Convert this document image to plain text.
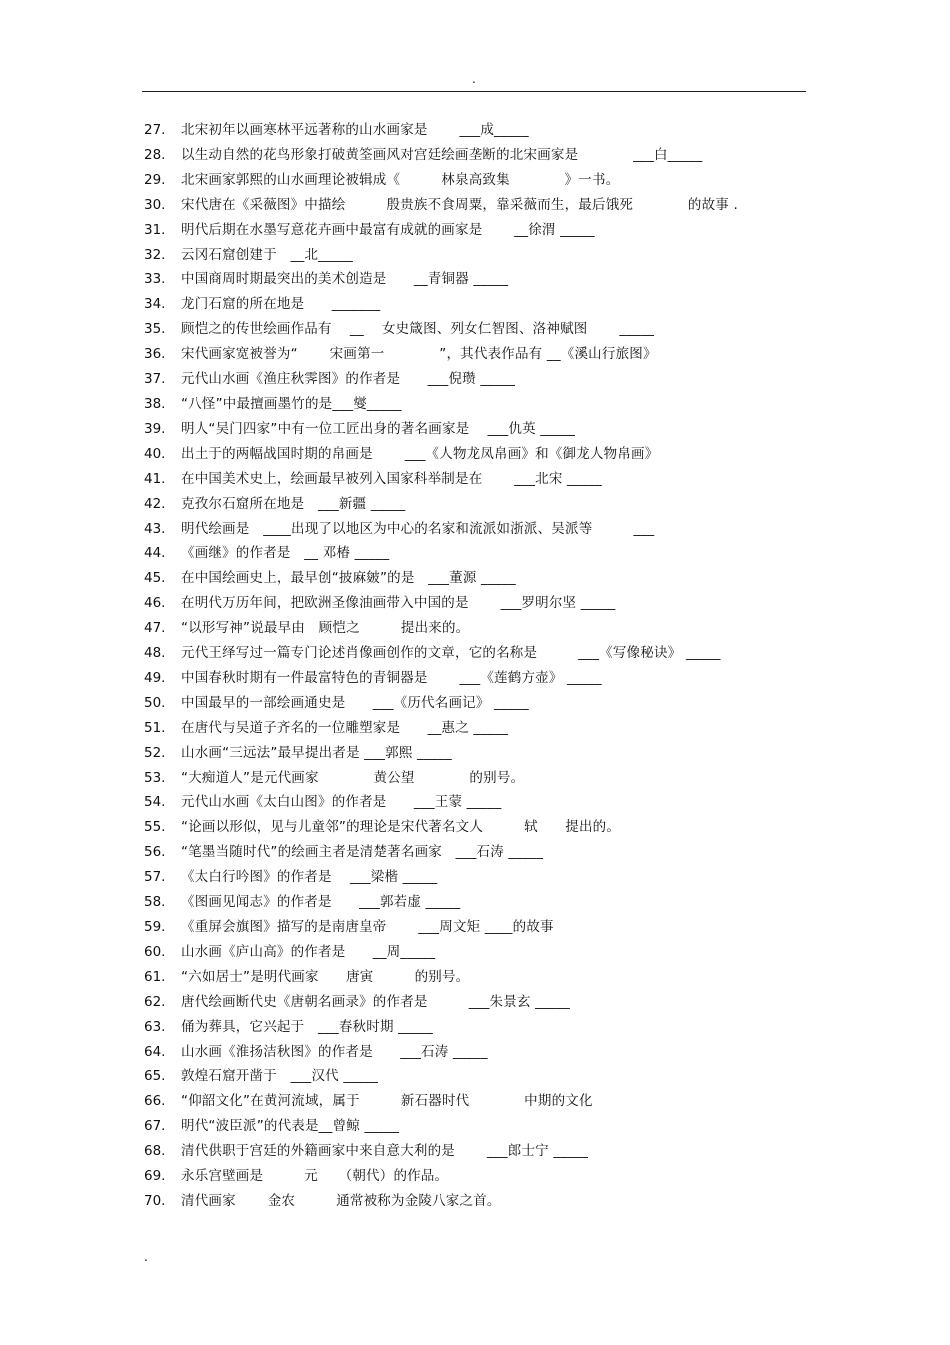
.
27.	北宋初年以画寒林平远著称的山水画家是　　 ___成_____
28.	以生动自然的花鸟形象打破黄筌画风对宫廷绘画垄断的北宋画家是　　　　___白_____
29.	北宋画家郭熙的山水画理论被辑成《　　　林泉高致集　　　　》一书。
30.	宋代唐在《采薇图》中描绘　　　殷贵族不食周粟，靠采薇而生，最后饿死　　　　的故事 .
31.	明代后期在水墨写意花卉画中最富有成就的画家是　　 __徐渭 _____
32.	云冈石窟创建于　__北_____
33.	中国商周时期最突出的美术创造是　　__青铜器 _____
34.	龙门石窟的所在地是　　_______
35.	顾恺之的传世绘画作品有　 __　 女史箴图、列女仁智图、洛神赋图　　 _____
36.	宋代画家宽被誉为“　　 宋画第一　　　　”，其代表作品有 __《溪山行旅图》
37.	元代山水画《渔庄秋霁图》的作者是　　___倪瓒 _____
38.	“八怪”中最擅画墨竹的是___燮_____
39.	明人“吴门四家”中有一位工匠出身的著名画家是　 ___仇英 _____
40.	出土于的两幅战国时期的帛画是　　 ___《人物龙凤帛画》和《御龙人物帛画》
41.	在中国美术史上，绘画最早被列入国家科举制是在　　 ___北宋 _____
42.	克孜尔石窟所在地是　___新疆 _____
43.	明代绘画是　____出现了以地区为中心的名家和流派如浙派、吴派等　　　___
44.	《画继》的作者是　__ 邓椿 _____
45.	在中国绘画史上，最早创“披麻皴”的是　___董源 _____
46.	在明代万历年间，把欧洲圣像油画带入中国的是　　 ___罗明尔坚 _____
47.	“以形写神”说最早由　顾恺之　　　提出来的。
48.	元代王绎写过一篇专门论述肖像画创作的文章，它的名称是　　　___《写像秘诀》 _____
49.	中国春秋时期有一件最富特色的青铜器是　　 ___《莲鹤方壶》 _____
50.	中国最早的一部绘画通史是　　___《历代名画记》 _____
51.	在唐代与吴道子齐名的一位雕塑家是　　__惠之 _____
52.	山水画“三远法”最早提出者是 ___郭熙 _____
53.	“大痴道人”是元代画家　　　　黄公望　　　　的别号。
54.	元代山水画《太白山图》的作者是　　___王蒙 _____
55.	“论画以形似，见与儿童邻”的理论是宋代著名文人　　　轼　　提出的。
56.	“笔墨当随时代”的绘画主者是清楚著名画家　___石涛 _____
57.	《太白行吟图》的作者是　 ___梁楷 _____
58.	《图画见闻志》的作者是　　___郭若虚 _____
59.	《重屏会旗图》描写的是南唐皇帝　　 ___周文矩 ____的故事
60.	山水画《庐山高》的作者是　　__周_____
61.	“六如居士”是明代画家　　唐寅　　　的别号。
62.	唐代绘画断代史《唐朝名画录》的作者是　　　___朱景玄 _____
63.	俑为葬具，它兴起于　___春秋时期 _____
64.	山水画《淮扬洁秋图》的作者是　　___石涛 _____
65.	敦煌石窟开凿于　___汉代 _____
66.	“仰韶文化”在黄河流域，属于　　　新石器时代　　　　中期的文化
67.	明代“波臣派”的代表是__曾鲸 _____
68.	清代供职于宫廷的外籍画家中来自意大利的是　　 ___郎士宁 _____
69.	永乐宫壁画是　　　元　　（朝代）的作品。
70.	清代画家　　 金农　　　通常被称为金陵八家之首。
.
